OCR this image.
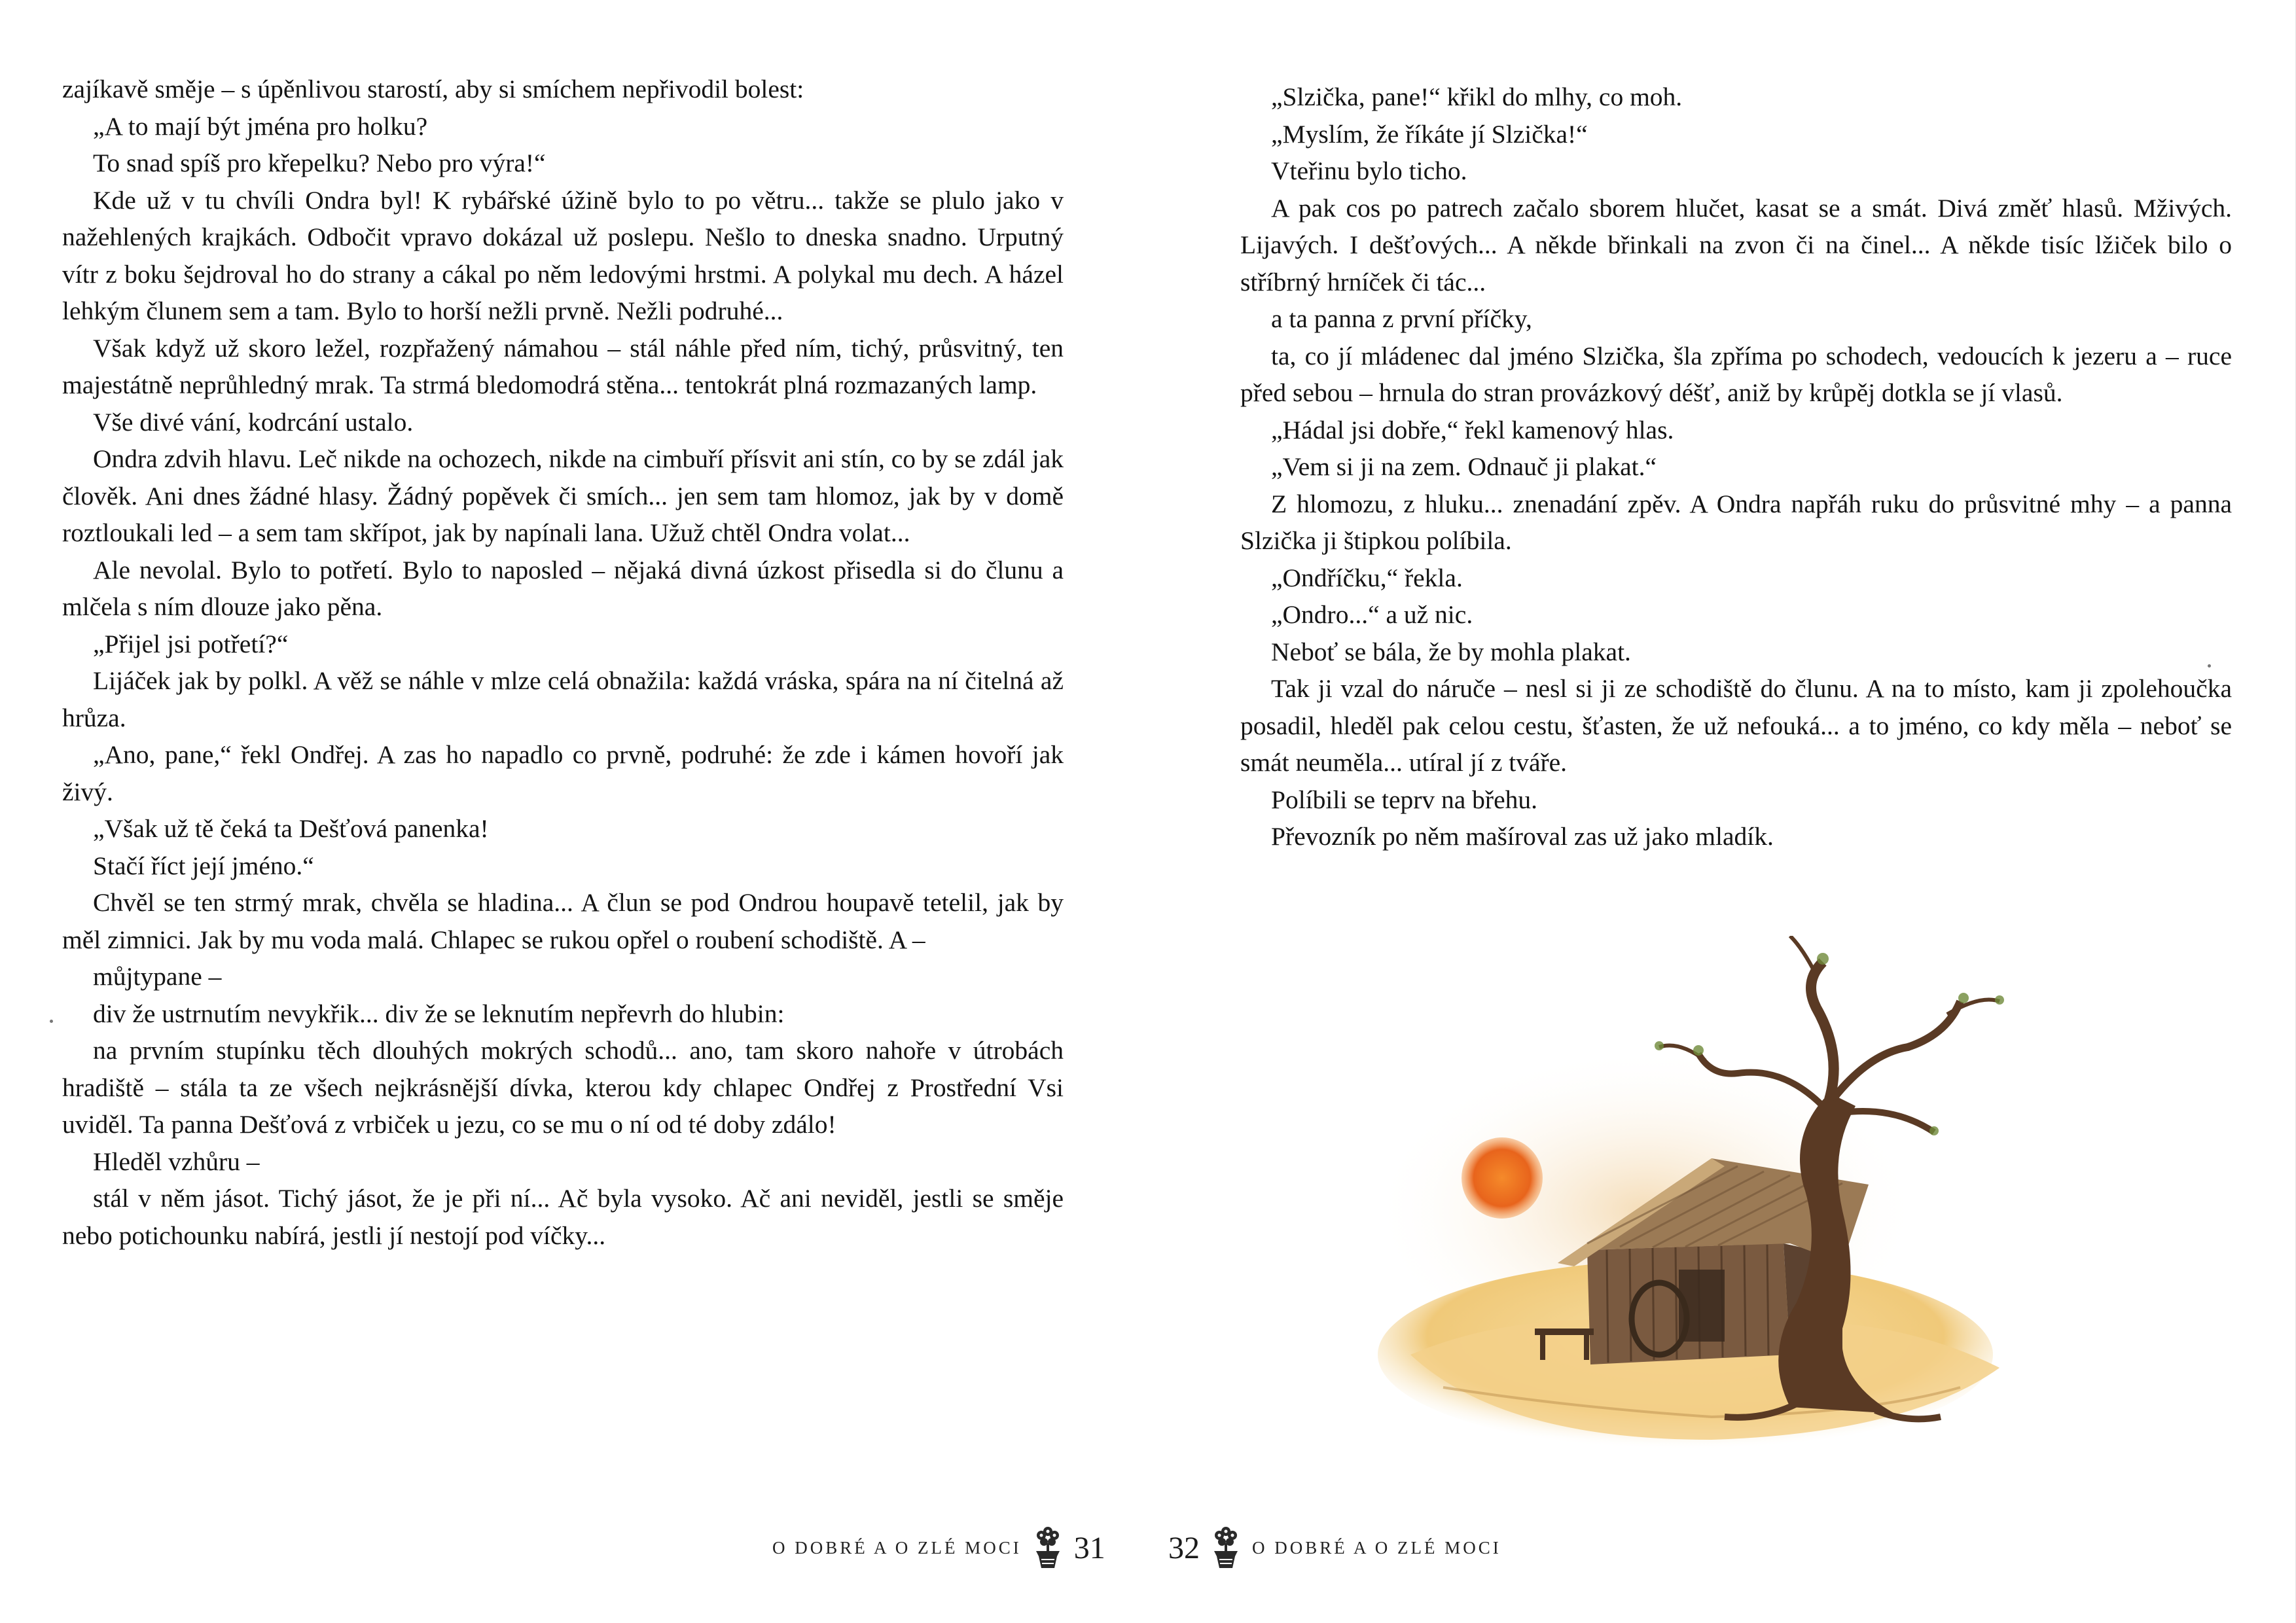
zajíkavě směje – s úpěnlivou starostí, aby si smíchem nepřivodil bolest:

„A to mají být jména pro holku?

To snad spíš pro křepelku? Nebo pro výra!“

Kde už v tu chvíli Ondra byl! K rybářské úžině bylo to po větru... takže se plulo jako v nažehlených krajkách. Odbočit vpravo dokázal už poslepu. Nešlo to dneska snadno. Urputný vítr z boku šejdroval ho do strany a cákal po něm ledovými hrstmi. A polykal mu dech. A házel lehkým člunem sem a tam. Bylo to horší nežli prvně. Nežli podruhé...

Však když už skoro ležel, rozpřažený námahou – stál náhle před ním, tichý, průsvitný, ten majestátně neprůhledný mrak. Ta strmá bledomodrá stěna... tentokrát plná rozmazaných lamp.

Vše divé vání, kodrcání ustalo.

Ondra zdvih hlavu. Leč nikde na ochozech, nikde na cimbuří přísvit ani stín, co by se zdál jak člověk. Ani dnes žádné hlasy. Žádný popěvek či smích... jen sem tam hlomoz, jak by v domě roztloukali led – a sem tam skřípot, jak by napínali lana. Užuž chtěl Ondra volat...

Ale nevolal. Bylo to potřetí. Bylo to naposled – nějaká divná úzkost přisedla si do člunu a mlčela s ním dlouze jako pěna.

„Přijel jsi potřetí?“

Lijáček jak by polkl. A věž se náhle v mlze celá obnažila: každá vráska, spára na ní čitelná až hrůza.

„Ano, pane,“ řekl Ondřej. A zas ho napadlo co prvně, podruhé: že zde i kámen hovoří jak živý.

„Však už tě čeká ta Dešťová panenka!

Stačí říct její jméno.“

Chvěl se ten strmý mrak, chvěla se hladina... A člun se pod Ondrou houpavě tetelil, jak by měl zimnici. Jak by mu voda malá. Chlapec se rukou opřel o roubení schodiště. A –

můjtypane –

div že ustrnutím nevykřik... div že se leknutím nepřevrh do hlubin:

na prvním stupínku těch dlouhých mokrých schodů... ano, tam skoro nahoře v útrobách hradiště – stála ta ze všech nejkrásnější dívka, kterou kdy chlapec Ondřej z Prostřední Vsi uviděl. Ta panna Dešťová z vrbiček u jezu, co se mu o ní od té doby zdálo!

Hleděl vzhůru –

stál v něm jásot. Tichý jásot, že je při ní... Ač byla vysoko. Ač ani neviděl, jestli se směje nebo potichounku nabírá, jestli jí nestojí pod víčky...

„Slzička, pane!“ křikl do mlhy, co moh.

„Myslím, že říkáte jí Slzička!“

Vteřinu bylo ticho.

A pak cos po patrech začalo sborem hlučet, kasat se a smát. Divá změť hlasů. Mživých. Lijavých. I dešťových... A někde břinkali na zvon či na činel... A někde tisíc lžiček bilo o stříbrný hrníček či tác...

a ta panna z první příčky,

ta, co jí mládenec dal jméno Slzička, šla zpříma po schodech, vedoucích k jezeru a – ruce před sebou – hrnula do stran provázkový déšť, aniž by krůpěj dotkla se jí vlasů.

„Hádal jsi dobře,“ řekl kamenový hlas.

„Vem si ji na zem. Odnauč ji plakat.“

Z hlomozu, z hluku... znenadání zpěv. A Ondra napřáh ruku do průsvitné mhy – a panna Slzička ji štipkou políbila.

„Ondříčku,“ řekla.

„Ondro...“ a už nic.

Neboť se bála, že by mohla plakat.

Tak ji vzal do náruče – nesl si ji ze schodiště do člunu. A na to místo, kam ji zpolehoučka posadil, hleděl pak celou cestu, šťasten, že už nefouká... a to jméno, co kdy měla – neboť se smát neuměla... utíral jí z tváře.

Políbili se teprv na břehu.

Převozník po něm mašíroval zas už jako mladík.

O DOBRÉ A O ZLÉ MOCI 31 32	O DOBRÉ A O ZLÉ MOCI
